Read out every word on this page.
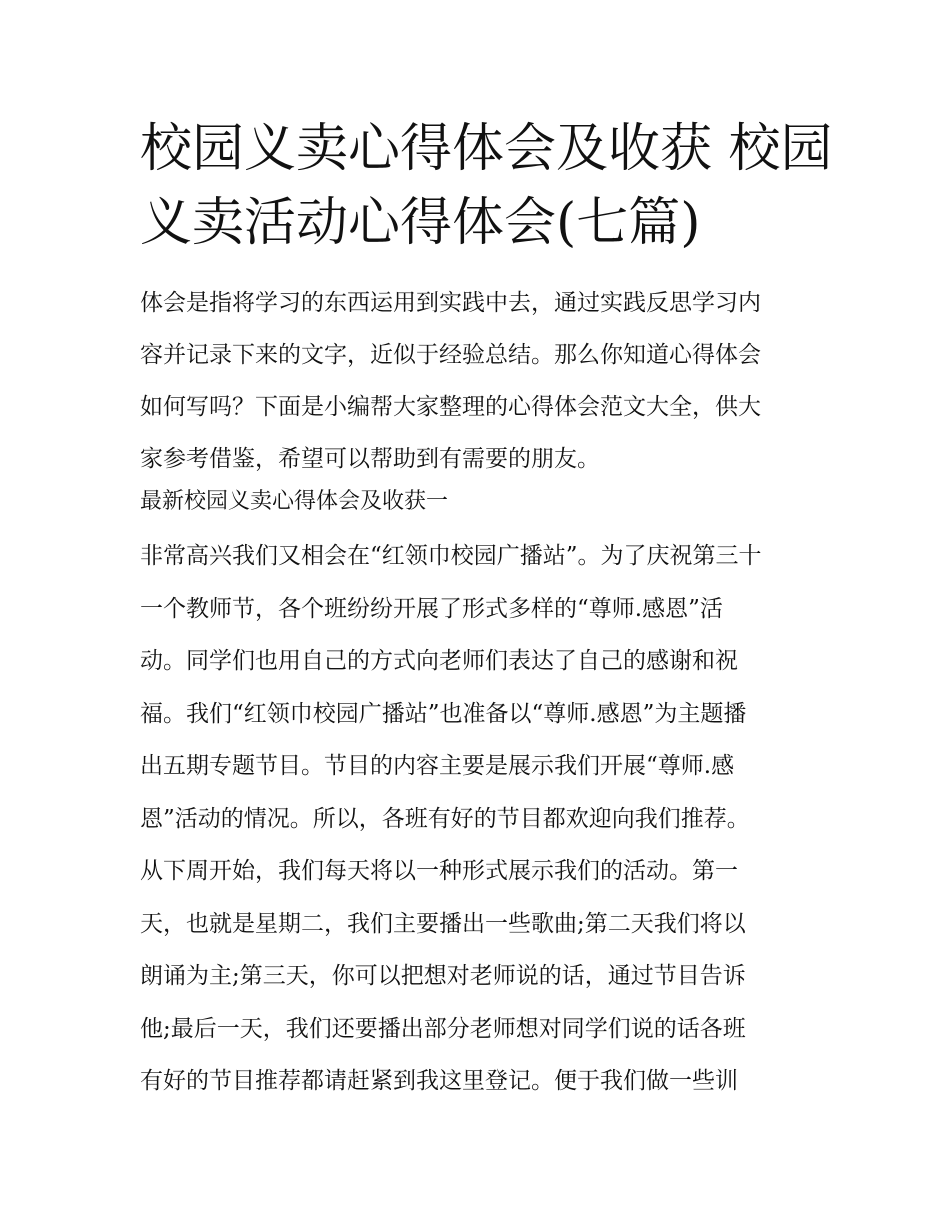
校园义卖心得体会及收获 校园
义卖活动心得体会(七篇)
体会是指将学习的东西运用到实践中去，通过实践反思学习内
容并记录下来的文字，近似于经验总结。那么你知道心得体会
如何写吗？下面是小编帮大家整理的心得体会范文大全，供大
家参考借鉴，希望可以帮助到有需要的朋友。
最新校园义卖心得体会及收获一
非常高兴我们又相会在“红领巾校园广播站”。为了庆祝第三十
一个教师节，各个班纷纷开展了形式多样的“尊师.感恩”活
动。同学们也用自己的方式向老师们表达了自己的感谢和祝
福。我们“红领巾校园广播站”也准备以“尊师.感恩”为主题播
出五期专题节目。节目的内容主要是展示我们开展“尊师.感
恩”活动的情况。所以，各班有好的节目都欢迎向我们推荐。
从下周开始，我们每天将以一种形式展示我们的活动。第一
天，也就是星期二，我们主要播出一些歌曲;第二天我们将以
朗诵为主;第三天，你可以把想对老师说的话，通过节目告诉
他;最后一天，我们还要播出部分老师想对同学们说的话各班
有好的节目推荐都请赶紧到我这里登记。便于我们做一些训
